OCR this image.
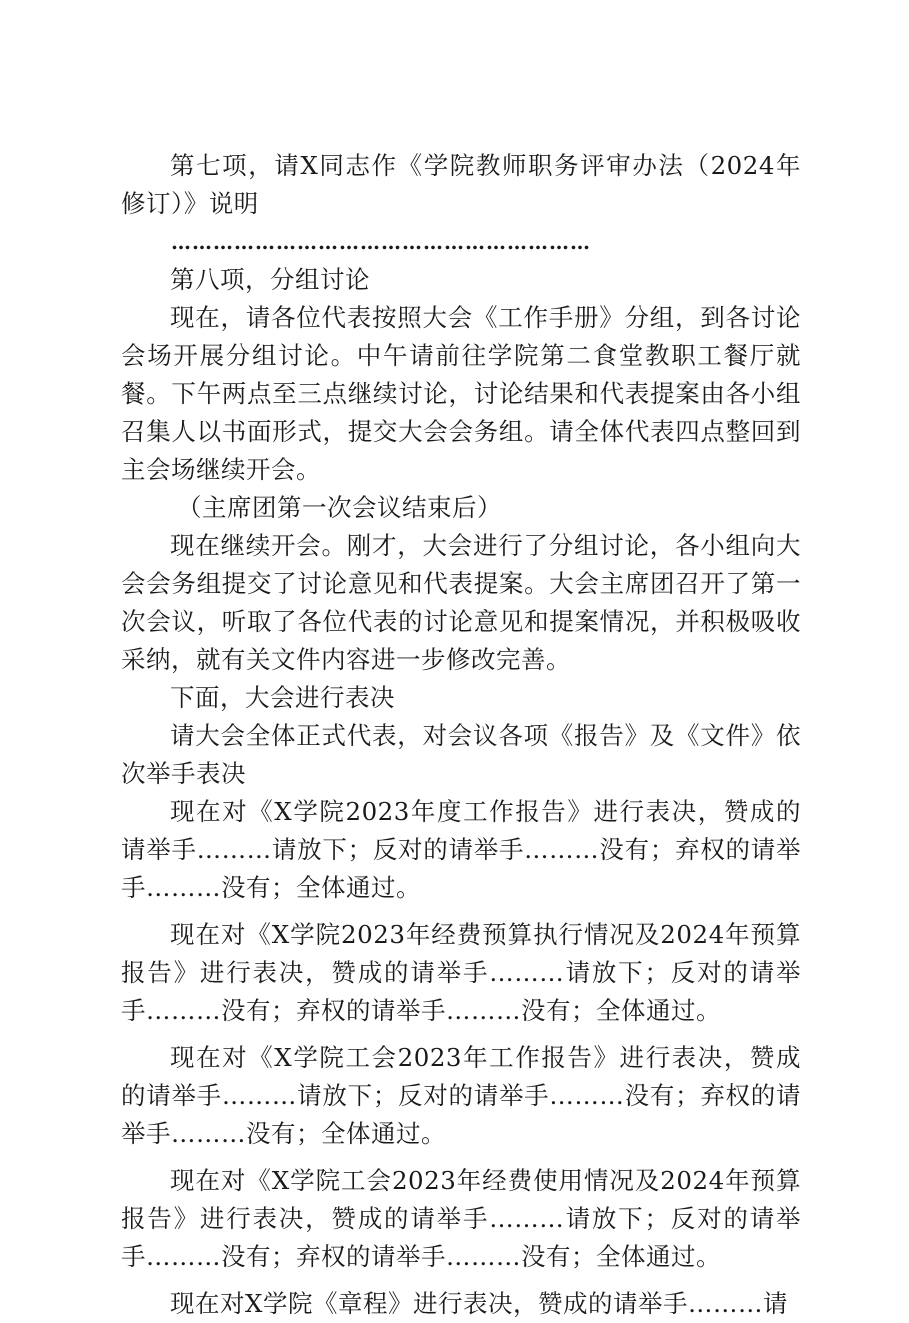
第七项，请X同志作《学院教师职务评审办法（2024年修订）》说明

……………………………………………………

第八项，分组讨论

现在，请各位代表按照大会《工作手册》分组，到各讨论会场开展分组讨论。中午请前往学院第二食堂教职工餐厅就餐。下午两点至三点继续讨论，讨论结果和代表提案由各小组召集人以书面形式，提交大会会务组。请全体代表四点整回到主会场继续开会。

（主席团第一次会议结束后）

现在继续开会。刚才，大会进行了分组讨论，各小组向大会会务组提交了讨论意见和代表提案。大会主席团召开了第一次会议，听取了各位代表的讨论意见和提案情况，并积极吸收采纳，就有关文件内容进一步修改完善。

下面，大会进行表决

请大会全体正式代表，对会议各项《报告》及《文件》依次举手表决

现在对《X学院2023年度工作报告》进行表决，赞成的请举手………请放下；反对的请举手………没有；弃权的请举手………没有；全体通过。

现在对《X学院2023年经费预算执行情况及2024年预算报告》进行表决，赞成的请举手………请放下；反对的请举手………没有；弃权的请举手………没有；全体通过。

现在对《X学院工会2023年工作报告》进行表决，赞成的请举手………请放下；反对的请举手………没有；弃权的请举手………没有；全体通过。

现在对《X学院工会2023年经费使用情况及2024年预算报告》进行表决，赞成的请举手………请放下；反对的请举手………没有；弃权的请举手………没有；全体通过。

现在对X学院《章程》进行表决，赞成的请举手………请
